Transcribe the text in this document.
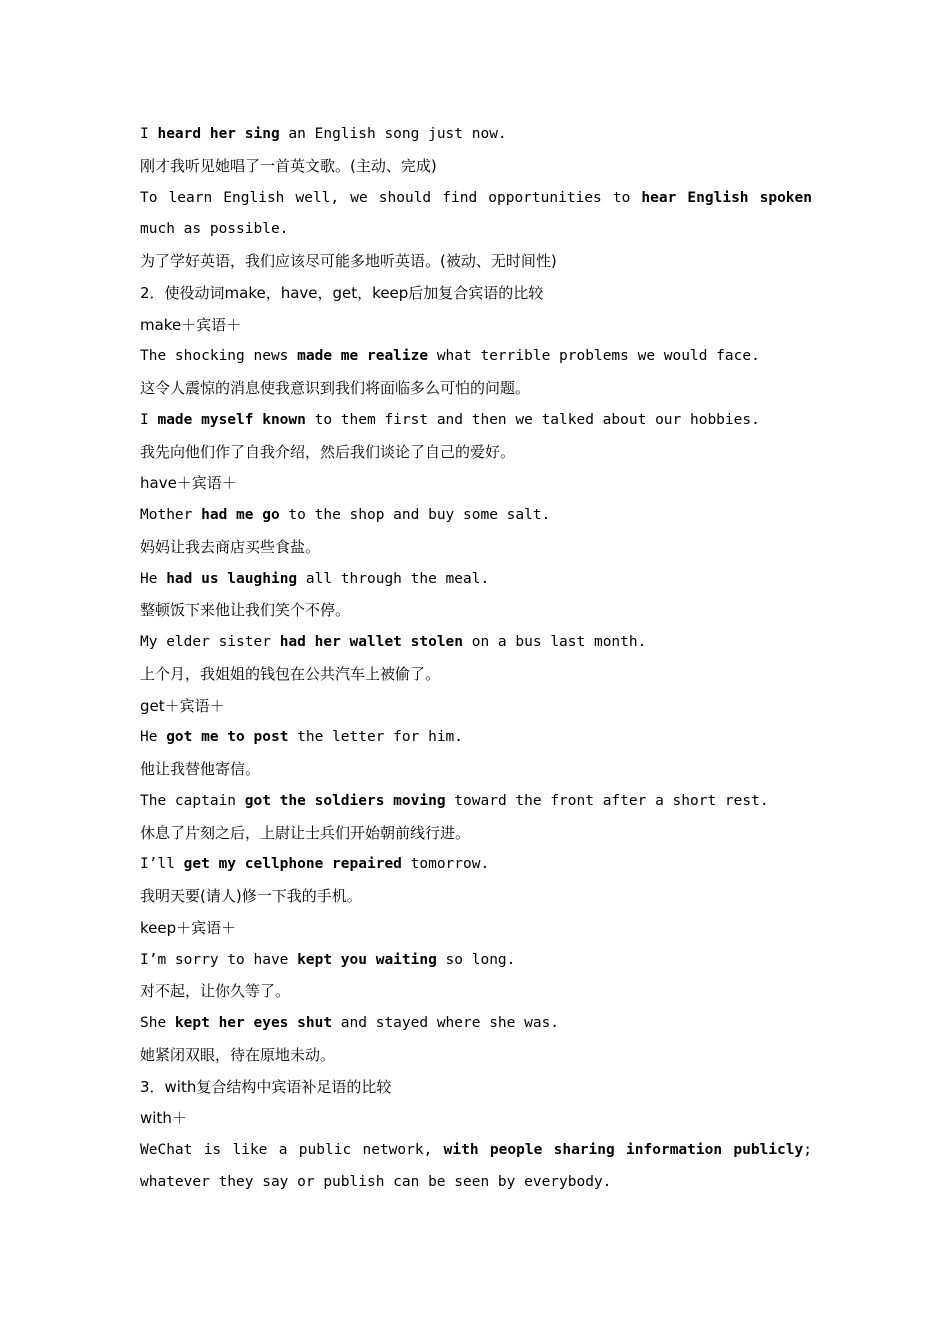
I heard her sing an English song just now.
刚才我听见她唱了一首英文歌。(主动、完成)
To learn English well, we should find opportunities to hear English spoken
much as possible.
为了学好英语，我们应该尽可能多地听英语。(被动、无时间性)
2．使役动词make，have，get，keep后加复合宾语的比较
make＋宾语＋
The shocking news made me realize what terrible problems we would face.
这令人震惊的消息使我意识到我们将面临多么可怕的问题。
I made myself known to them first and then we talked about our hobbies.
我先向他们作了自我介绍，然后我们谈论了自己的爱好。
have＋宾语＋
Mother had me go to the shop and buy some salt.
妈妈让我去商店买些食盐。
He had us laughing all through the meal.
整顿饭下来他让我们笑个不停。
My elder sister had her wallet stolen on a bus last month.
上个月，我姐姐的钱包在公共汽车上被偷了。
get＋宾语＋
He got me to post the letter for him.
他让我替他寄信。
The captain got the soldiers moving toward the front after a short rest.
休息了片刻之后，上尉让士兵们开始朝前线行进。
I’ll get my cellphone repaired tomorrow.
我明天要(请人)修一下我的手机。
keep＋宾语＋
I’m sorry to have kept you waiting so long.
对不起，让你久等了。
She kept her eyes shut and stayed where she was.
她紧闭双眼，待在原地未动。
3．with复合结构中宾语补足语的比较
with＋
WeChat is like a public network, with people sharing information publicly;
whatever they say or publish can be seen by everybody.
